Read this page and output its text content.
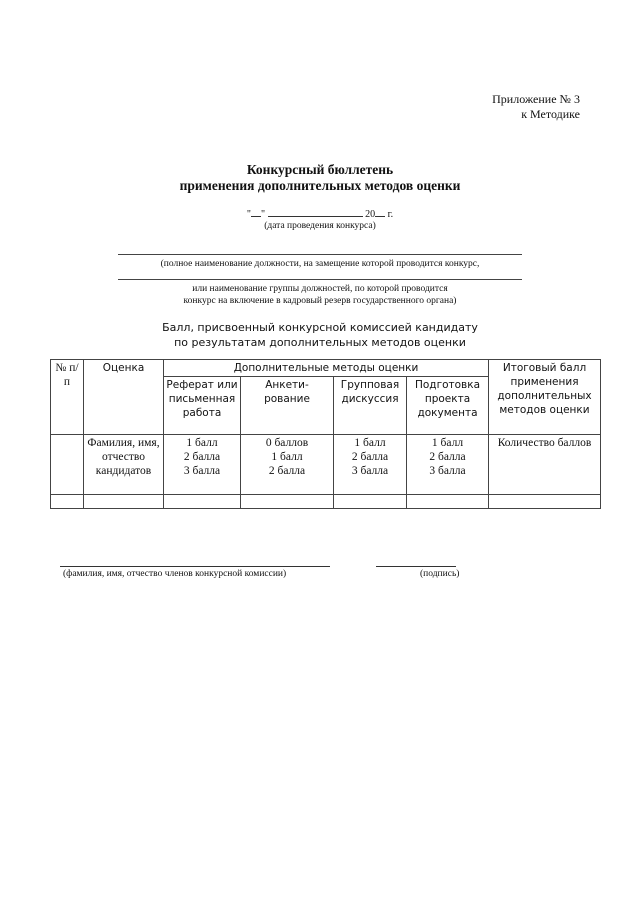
Приложение № 3
к Методике
Конкурсный бюллетень
применения дополнительных методов оценки
" "	20 г.
(дата проведения конкурса)
(полное наименование должности, на замещение которой проводится конкурс,
или наименование группы должностей, по которой проводится
конкурс на включение в кадровый резерв государственного органа)
Балл, присвоенный конкурсной комиссией кандидату
по результатам дополнительных методов оценки
№ п/п	Оценка	Дополнительные методы оценки				Итоговый балл применения дополнительных методов оценки
		Реферат или письменная работа	Анкети- рование	Групповая дискуссия	Подготовка проекта документа	
	Фамилия, имя, отчество кандидатов	1 балл
2 балла
3 балла	0 баллов
1 балл
2 балла	1 балл
2 балла
3 балла	1 балл
2 балла
3 балла	Количество баллов

(фамилия, имя, отчество членов конкурсной комиссии)	(подпись)
